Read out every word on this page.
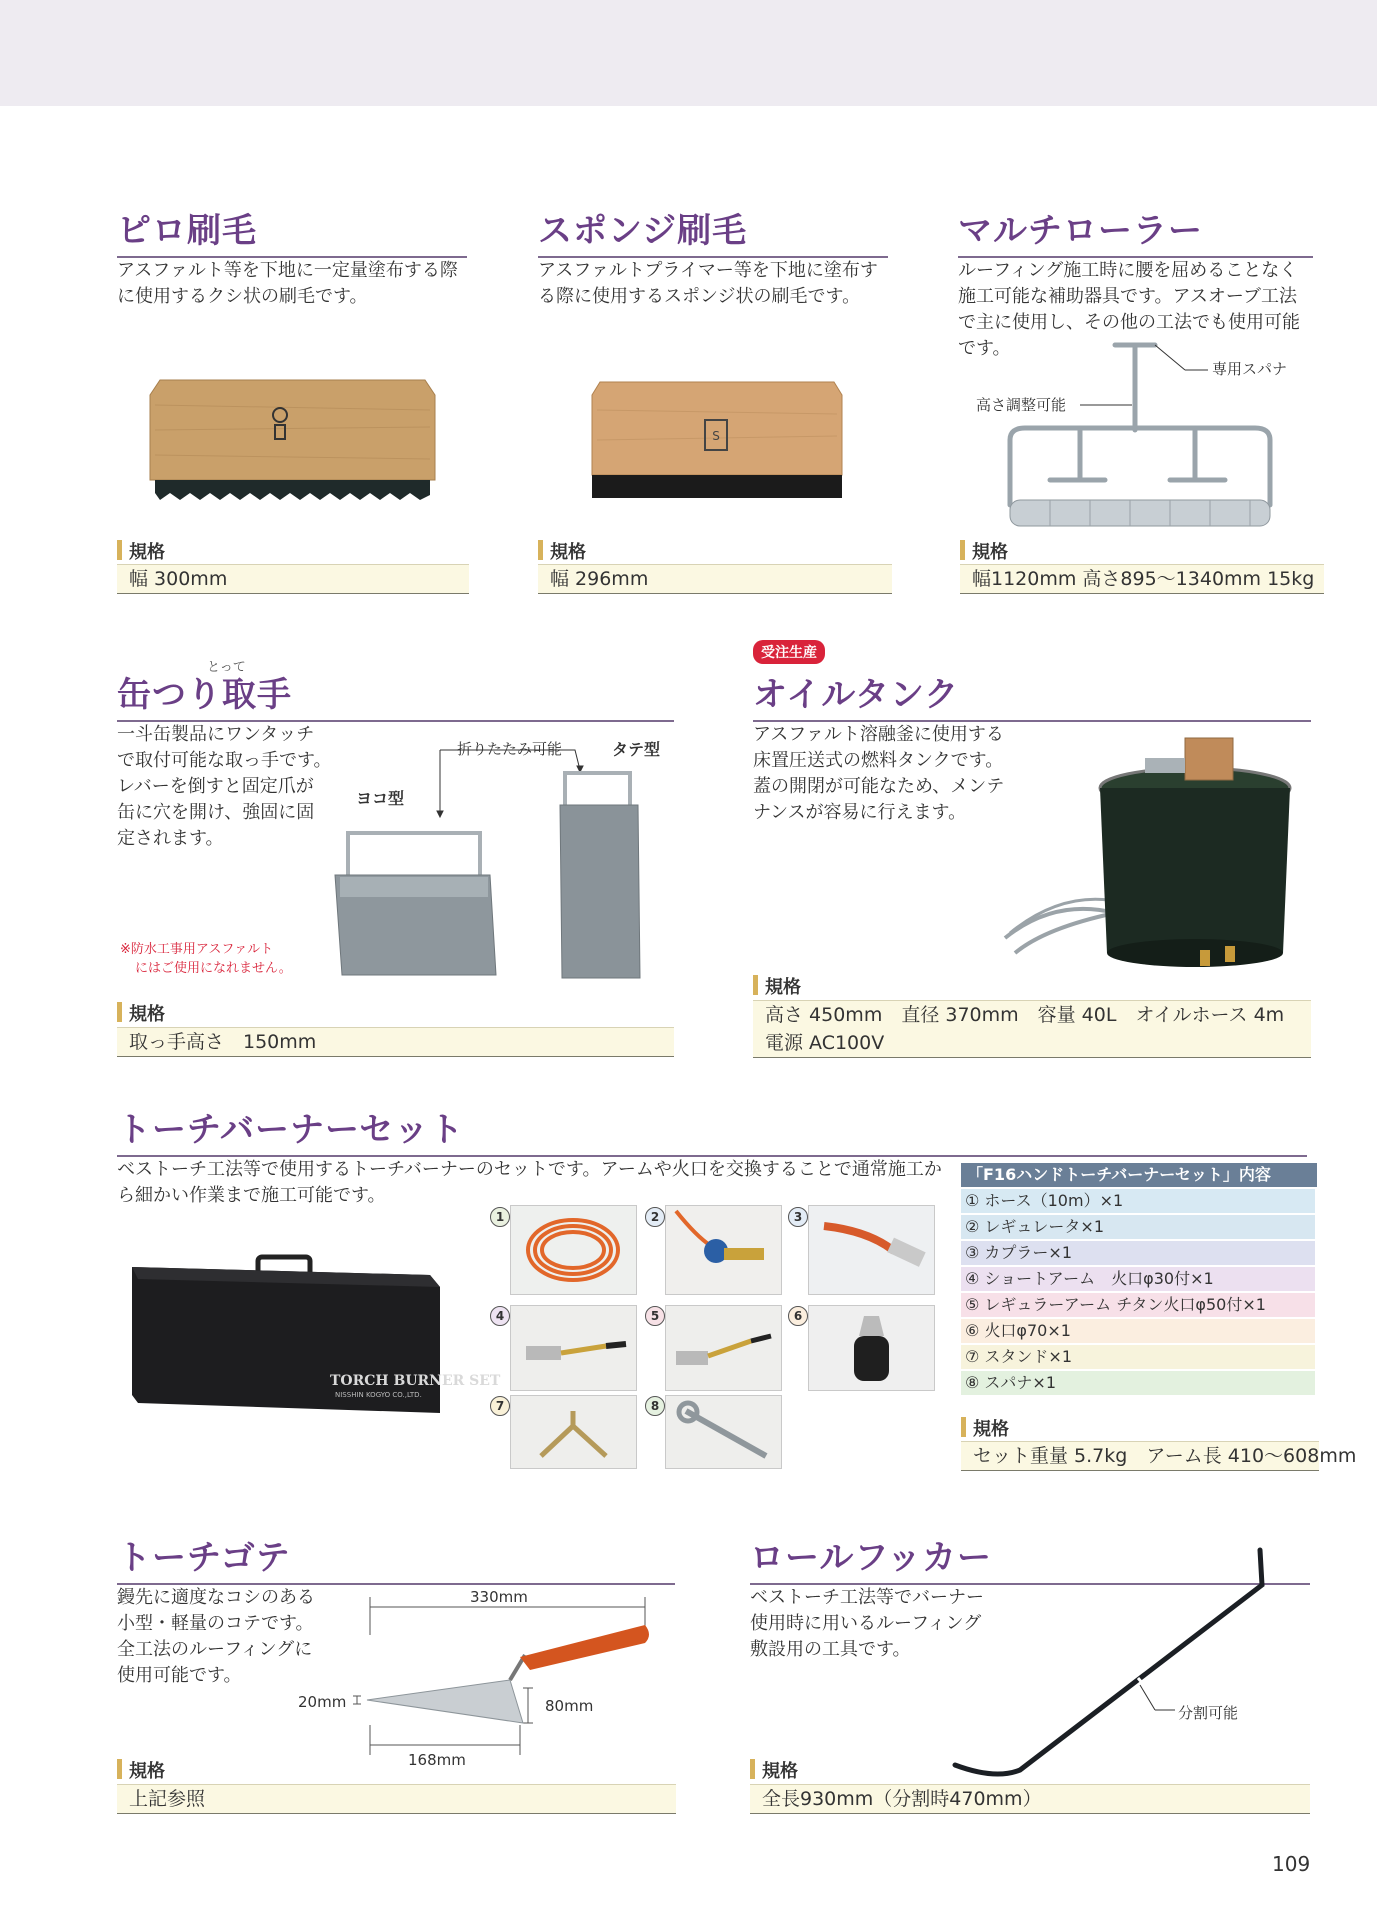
ピロ刷毛
アスファルト等を下地に一定量塗布する際
に使用するクシ状の刷毛です。
規格
幅 300mm
スポンジ刷毛
アスファルトプライマー等を下地に塗布す
る際に使用するスポンジ状の刷毛です。
S
規格
幅 296mm
マルチローラー
ルーフィング施工時に腰を屈めることなく
施工可能な補助器具です。アスオーブ工法
で主に使用し、その他の工法でも使用可能
です。
専用スパナ
高さ調整可能
規格
幅1120mm 高さ895～1340mm 15kg
とって
缶つり取手
一斗缶製品にワンタッチ
で取付可能な取っ手です。
レバーを倒すと固定爪が
缶に穴を開け、強固に固
定されます。
折りたたみ可能	タテ型
ヨコ型
※防水工事用アスファルト
にはご使用になれません。
規格
取っ手高さ　150mm
受注生産
オイルタンク
アスファルト溶融釜に使用する
床置圧送式の燃料タンクです。
蓋の開閉が可能なため、メンテ
ナンスが容易に行えます。
規格
高さ 450mm　直径 370mm　容量 40L　オイルホース 4m
電源 AC100V
トーチバーナーセット
ベストーチ工法等で使用するトーチバーナーのセットです。アームや火口を交換することで通常施工か
ら細かい作業まで施工可能です。
TORCH BURNER SET
NISSHIN KOGYO CO.,LTD.
1	2	3
4	5	6
7	8
「F16ハンドトーチバーナーセット」内容
① ホース（10m）×1
② レギュレータ×1
③ カプラー×1
④ ショートアーム　火口φ30付×1
⑤ レギュラーアーム チタン火口φ50付×1
⑥ 火口φ70×1
⑦ スタンド×1
⑧ スパナ×1
規格
セット重量 5.7kg　アーム長 410～608mm
トーチゴテ
鏝先に適度なコシのある
小型・軽量のコテです。
全工法のルーフィングに
使用可能です。
330mm
20mm	80mm
168mm
規格
上記参照
ロールフッカー
ベストーチ工法等でバーナー
使用時に用いるルーフィング
敷設用の工具です。
分割可能
規格
全長930mm（分割時470mm）
109
